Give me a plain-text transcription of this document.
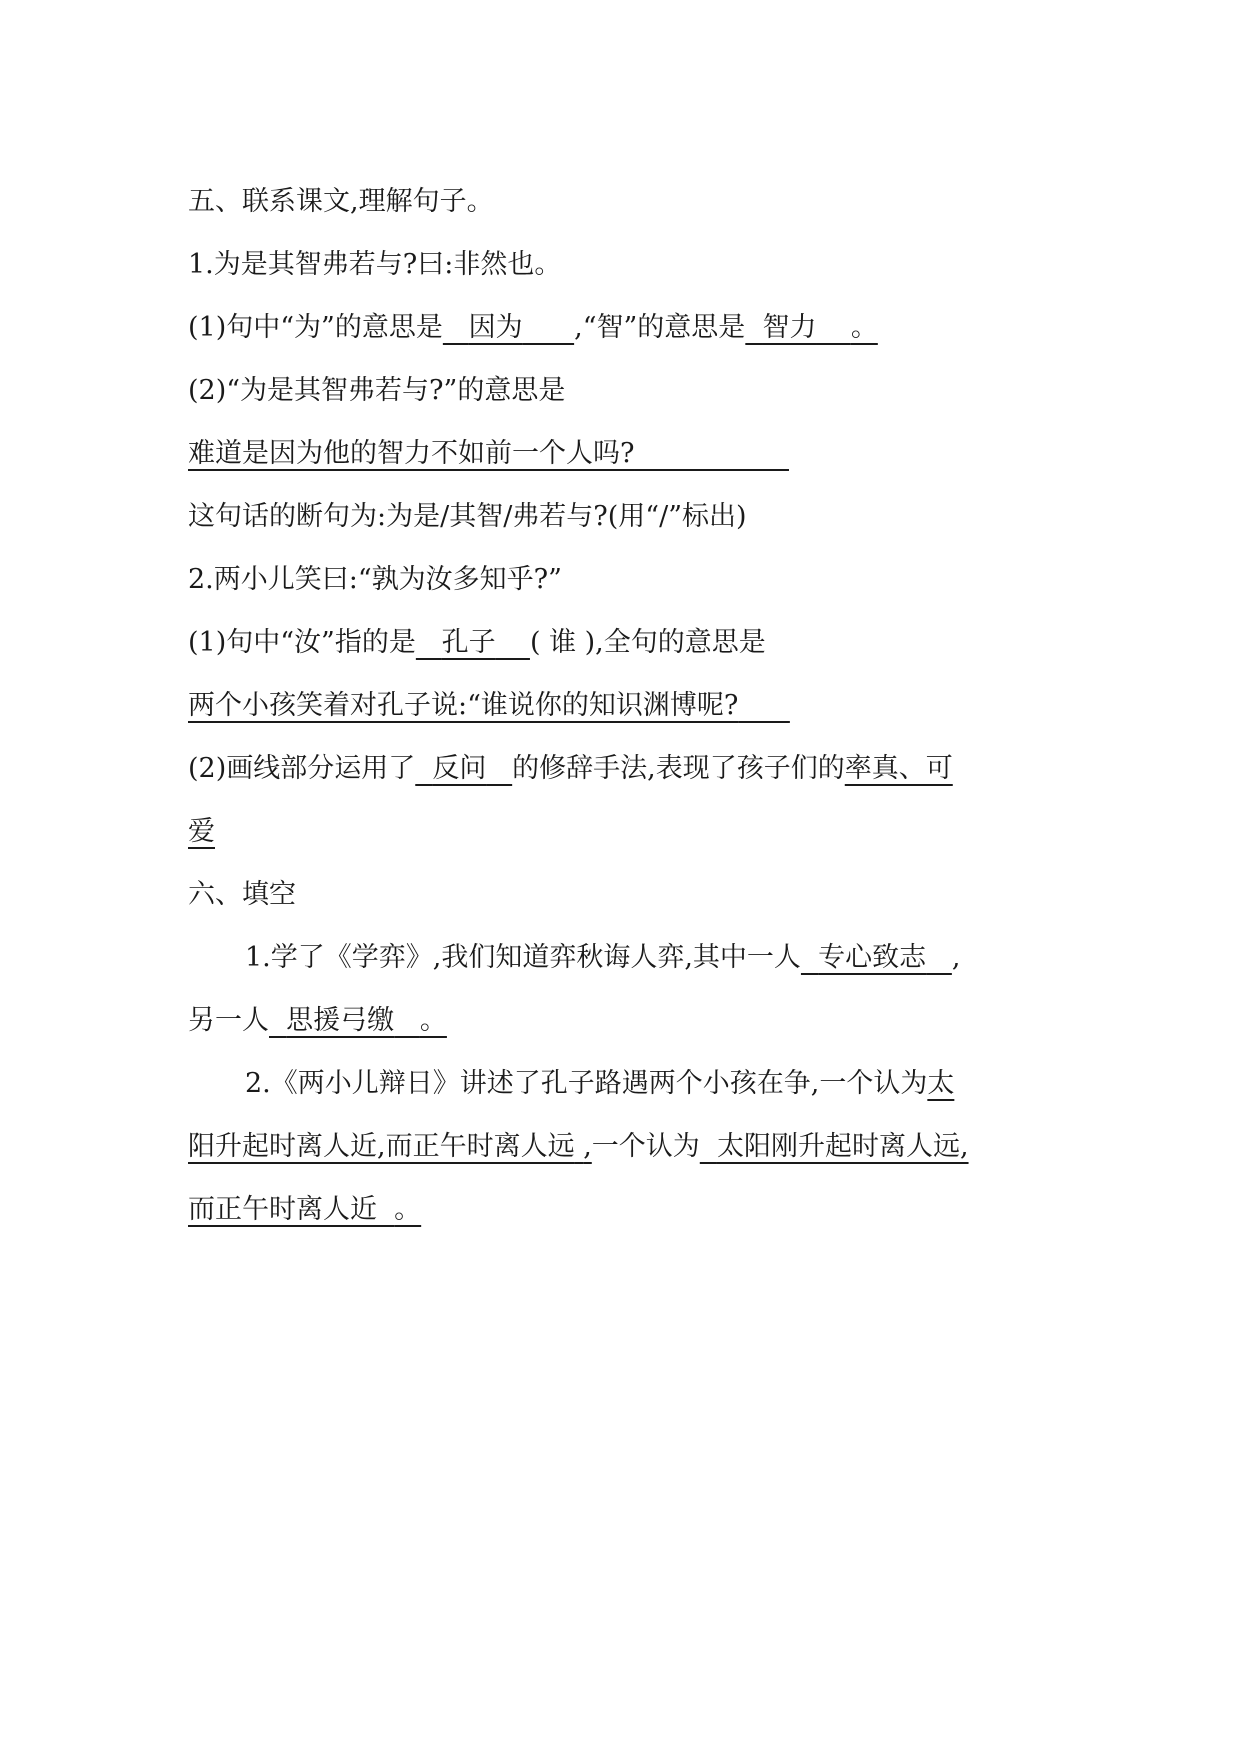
五、联系课文,理解句子。
1.为是其智弗若与?曰:非然也。
(1)句中“为”的意思是 因为 ,“智”的意思是 智力 。
(2)“为是其智弗若与?”的意思是
难道是因为他的智力不如前一个人吗?
这句话的断句为:为是/其智/弗若与?(用“/”标出)
2.两小儿笑曰:“孰为汝多知乎?”
(1)句中“汝”指的是 孔子 ( 谁 ),全句的意思是
两个小孩笑着对孔子说:“谁说你的知识渊博呢?
(2)画线部分运用了 反问 的修辞手法,表现了孩子们的率真、可
爱
六、填空
1.学了《学弈》,我们知道弈秋诲人弈,其中一人 专心致志 ,
另一人 思援弓缴 。
2.《两小儿辩日》讲述了孔子路遇两个小孩在争,一个认为太
阳升起时离人近,而正午时离人远 ,一个认为 太阳刚升起时离人远,
而正午时离人近 。
